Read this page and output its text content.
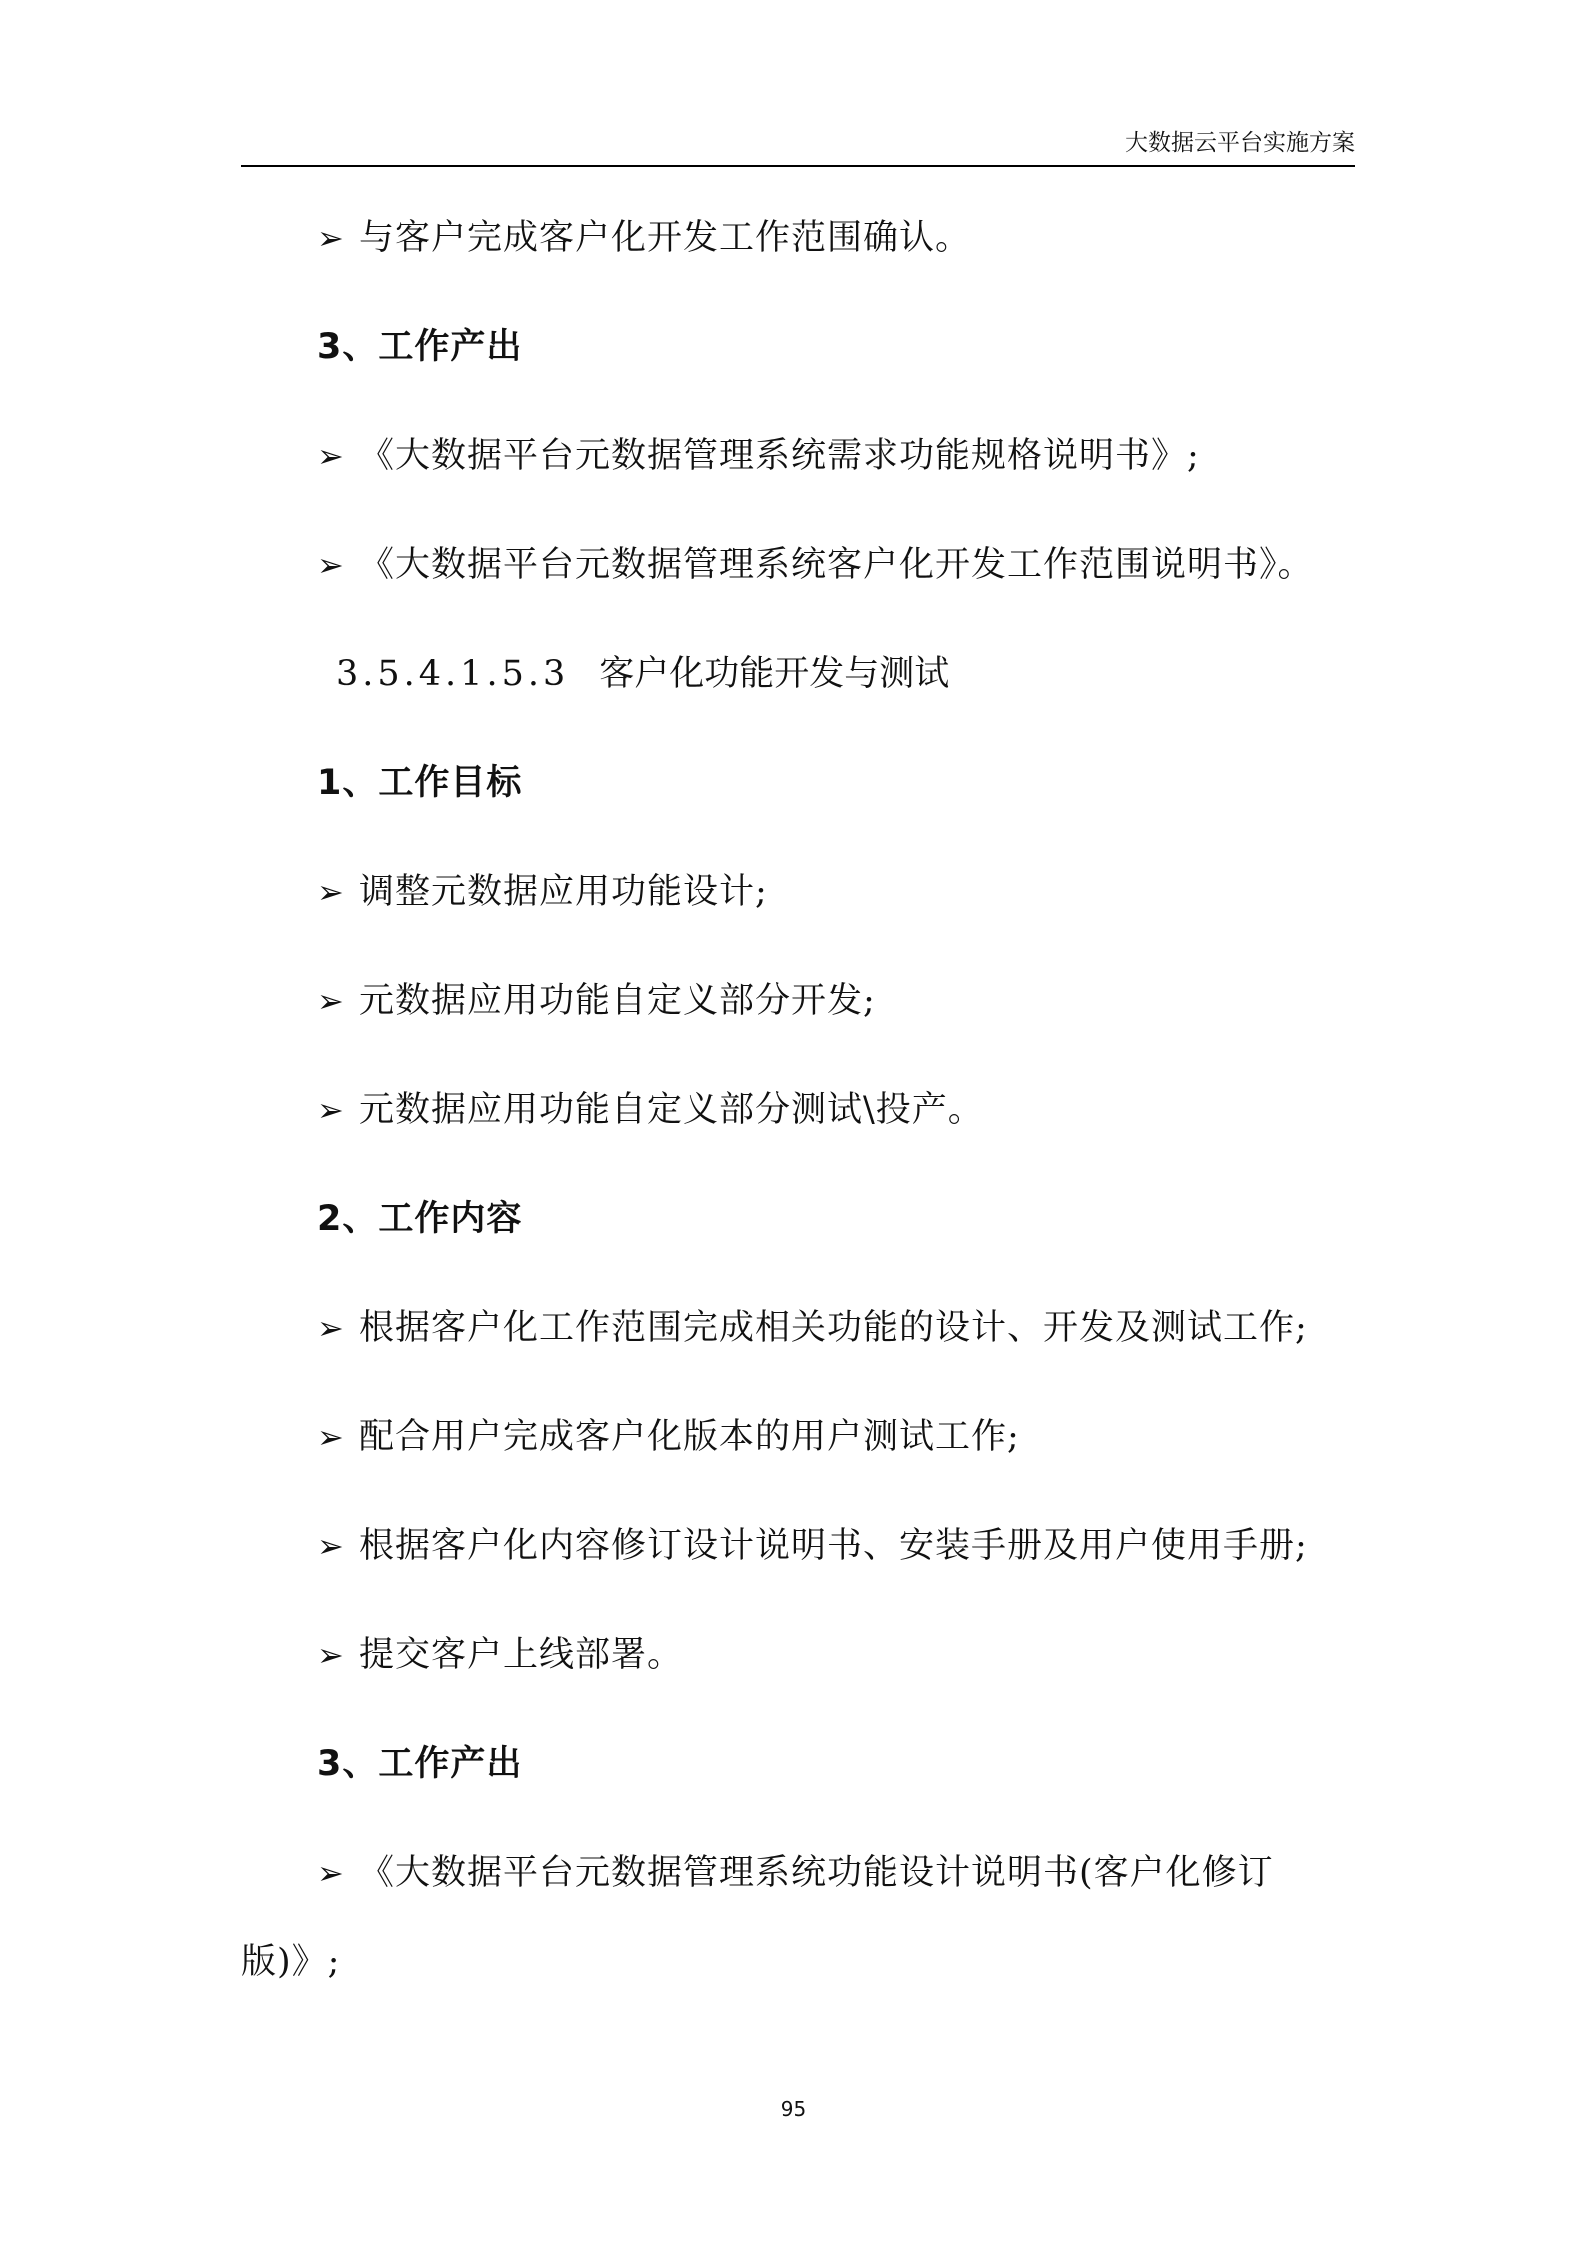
大数据云平台实施方案
➢ 与客户完成客户化开发工作范围确认。
3、工作产出
➢ 《大数据平台元数据管理系统需求功能规格说明书》;
➢ 《大数据平台元数据管理系统客户化开发工作范围说明书》。
3.5.4.1.5.3 客户化功能开发与测试
1、工作目标
➢ 调整元数据应用功能设计;
➢ 元数据应用功能自定义部分开发;
➢ 元数据应用功能自定义部分测试\投产。
2、工作内容
➢ 根据客户化工作范围完成相关功能的设计、开发及测试工作;
➢ 配合用户完成客户化版本的用户测试工作;
➢ 根据客户化内容修订设计说明书、安装手册及用户使用手册;
➢ 提交客户上线部署。
3、工作产出
➢ 《大数据平台元数据管理系统功能设计说明书(客户化修订
版)》;
95
